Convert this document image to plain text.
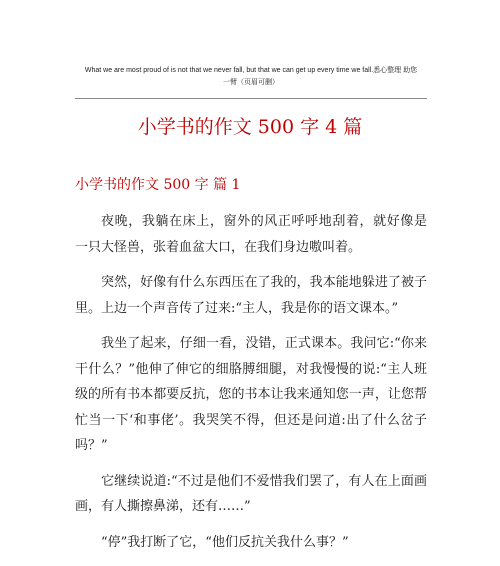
What we are most proud of is not that we never fall, but that we can get up every time we fall.悉心整理 助您
一臂（页眉可删）
小学书的作文 500 字 4 篇
小学书的作文 500 字 篇 1

夜晚，我躺在床上，窗外的风正呼呼地刮着，就好像是 一只大怪兽，张着血盆大口，在我们身边嗷叫着。

突然，好像有什么东西压在了我的，我本能地躲进了被子里。上边一个声音传了过来:“主人，我是你的语文课本。”

我坐了起来，仔细一看，没错，正式课本。我问它:“你来干什么？”他伸了伸它的细胳膊细腿，对我慢慢的说:“主人班级的所有书本都要反抗，您的书本让我来通知您一声，让您帮忙当一下‘和事佬’。我哭笑不得，但还是问道:出了什么岔子吗？”

它继续说道:“不过是他们不爱惜我们罢了，有人在上面画画，有人撕擦鼻涕，还有……”

“停”我打断了它，“他们反抗关我什么事？”
